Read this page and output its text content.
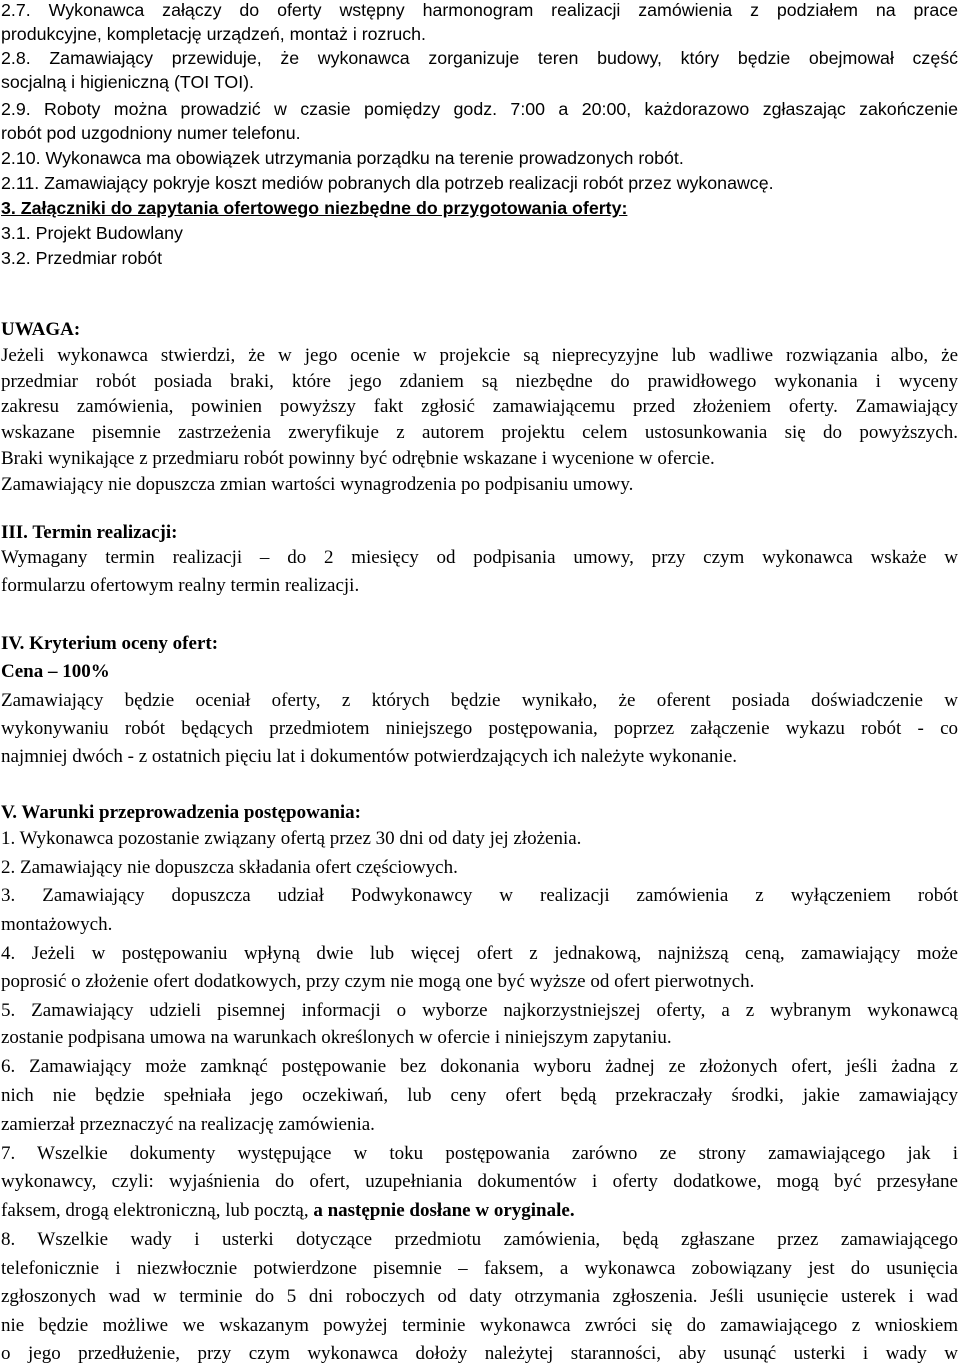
2.7. Wykonawca załączy do oferty wstępny harmonogram realizacji zamówienia z podziałem na prace
produkcyjne, kompletację urządzeń, montaż i rozruch.
2.8. Zamawiający przewiduje, że wykonawca zorganizuje teren budowy, który będzie obejmował część
socjalną i higieniczną (TOI TOI).
2.9. Roboty można prowadzić w czasie pomiędzy godz. 7:00 a 20:00, każdorazowo zgłaszając zakończenie
robót pod uzgodniony numer telefonu.
2.10. Wykonawca ma obowiązek utrzymania porządku na terenie prowadzonych robót.
2.11. Zamawiający pokryje koszt mediów pobranych dla potrzeb realizacji robót przez wykonawcę.
3. Załączniki do zapytania ofertowego niezbędne do przygotowania oferty:
3.1. Projekt Budowlany
3.2. Przedmiar robót
UWAGA:
Jeżeli wykonawca stwierdzi, że w jego ocenie w projekcie są nieprecyzyjne lub wadliwe rozwiązania albo, że
przedmiar robót posiada braki, które jego zdaniem są niezbędne do prawidłowego wykonania i wyceny
zakresu zamówienia, powinien powyższy fakt zgłosić zamawiającemu przed złożeniem oferty. Zamawiający
wskazane pisemnie zastrzeżenia zweryfikuje z autorem projektu celem ustosunkowania się do powyższych.
Braki wynikające z przedmiaru robót powinny być odrębnie wskazane i wycenione w ofercie.
Zamawiający nie dopuszcza zmian wartości wynagrodzenia po podpisaniu umowy.
III. Termin realizacji:
Wymagany termin realizacji – do 2 miesięcy od podpisania umowy, przy czym wykonawca wskaże w
formularzu ofertowym realny termin realizacji.
IV. Kryterium oceny ofert:
Cena – 100%
Zamawiający będzie oceniał oferty, z których będzie wynikało, że oferent posiada doświadczenie w
wykonywaniu robót będących przedmiotem niniejszego postępowania, poprzez załączenie wykazu robót - co
najmniej dwóch - z ostatnich pięciu lat i dokumentów potwierdzających ich należyte wykonanie.
V. Warunki przeprowadzenia postępowania:
1. Wykonawca pozostanie związany ofertą przez 30 dni od daty jej złożenia.
2. Zamawiający nie dopuszcza składania ofert częściowych.
3. Zamawiający dopuszcza udział Podwykonawcy w realizacji zamówienia z wyłączeniem robót
montażowych.
4. Jeżeli w postępowaniu wpłyną dwie lub więcej ofert z jednakową, najniższą ceną, zamawiający może
poprosić o złożenie ofert dodatkowych, przy czym nie mogą one być wyższe od ofert pierwotnych.
5. Zamawiający udzieli pisemnej informacji o wyborze najkorzystniejszej oferty, a z wybranym wykonawcą
zostanie podpisana umowa na warunkach określonych w ofercie i niniejszym zapytaniu.
6. Zamawiający może zamknąć postępowanie bez dokonania wyboru żadnej ze złożonych ofert, jeśli żadna z
nich nie będzie spełniała jego oczekiwań, lub ceny ofert będą przekraczały środki, jakie zamawiający
zamierzał przeznaczyć na realizację zamówienia.
7. Wszelkie dokumenty występujące w toku postępowania zarówno ze strony zamawiającego jak i
wykonawcy, czyli: wyjaśnienia do ofert, uzupełniania dokumentów i oferty dodatkowe, mogą być przesyłane
faksem, drogą elektroniczną, lub pocztą, a następnie dosłane w oryginale.
8. Wszelkie wady i usterki dotyczące przedmiotu zamówienia, będą zgłaszane przez zamawiającego
telefonicznie i niezwłocznie potwierdzone pisemnie – faksem, a wykonawca zobowiązany jest do usunięcia
zgłoszonych wad w terminie do 5 dni roboczych od daty otrzymania zgłoszenia. Jeśli usunięcie usterek i wad
nie będzie możliwe we wskazanym powyżej terminie wykonawca zwróci się do zamawiającego z wnioskiem
o jego przedłużenie, przy czym wykonawca dołoży należytej staranności, aby usunąć usterki i wady w
